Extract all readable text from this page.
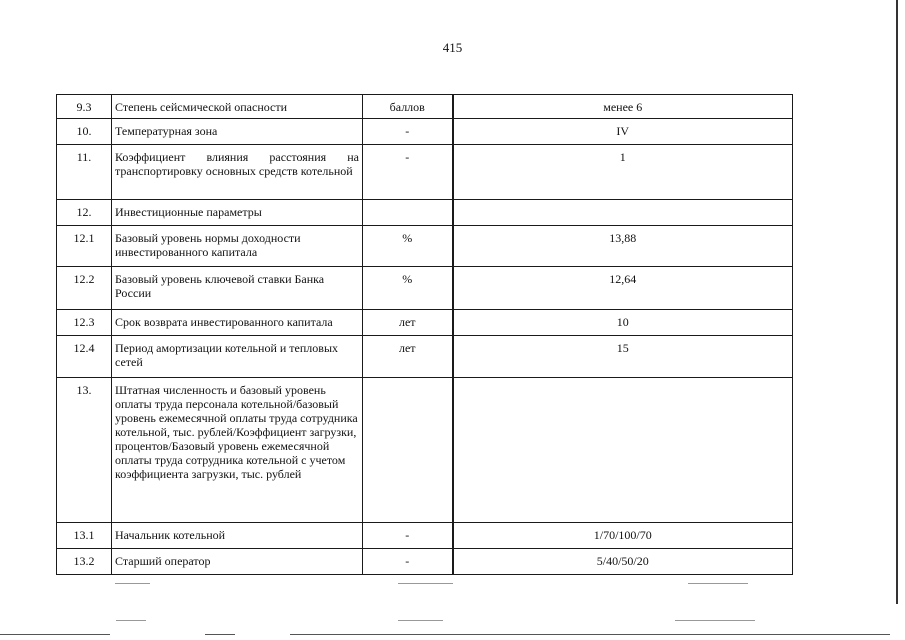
415
9.3	Степень сейсмической опасности	баллов	менее 6
10.	Температурная зона	-	IV
11.	Коэффициент влияния расстояния на транспортировку основных средств котельной	-	1
12.	Инвестиционные параметры		
12.1	Базовый уровень нормы доходности инвестированного капитала	%	13,88
12.2	Базовый уровень ключевой ставки Банка России	%	12,64
12.3	Срок возврата инвестированного капитала	лет	10
12.4	Период амортизации котельной и тепловых сетей	лет	15
13.	Штатная численность и базовый уровень оплаты труда персонала котельной/базовый уровень ежемесячной оплаты труда сотрудника котельной, тыс. рублей/Коэффициент загрузки, процентов/Базовый уровень ежемесячной оплаты труда сотрудника котельной с учетом коэффициента загрузки, тыс. рублей		
13.1	Начальник котельной	-	1/70/100/70
13.2	Старший оператор	-	5/40/50/20
